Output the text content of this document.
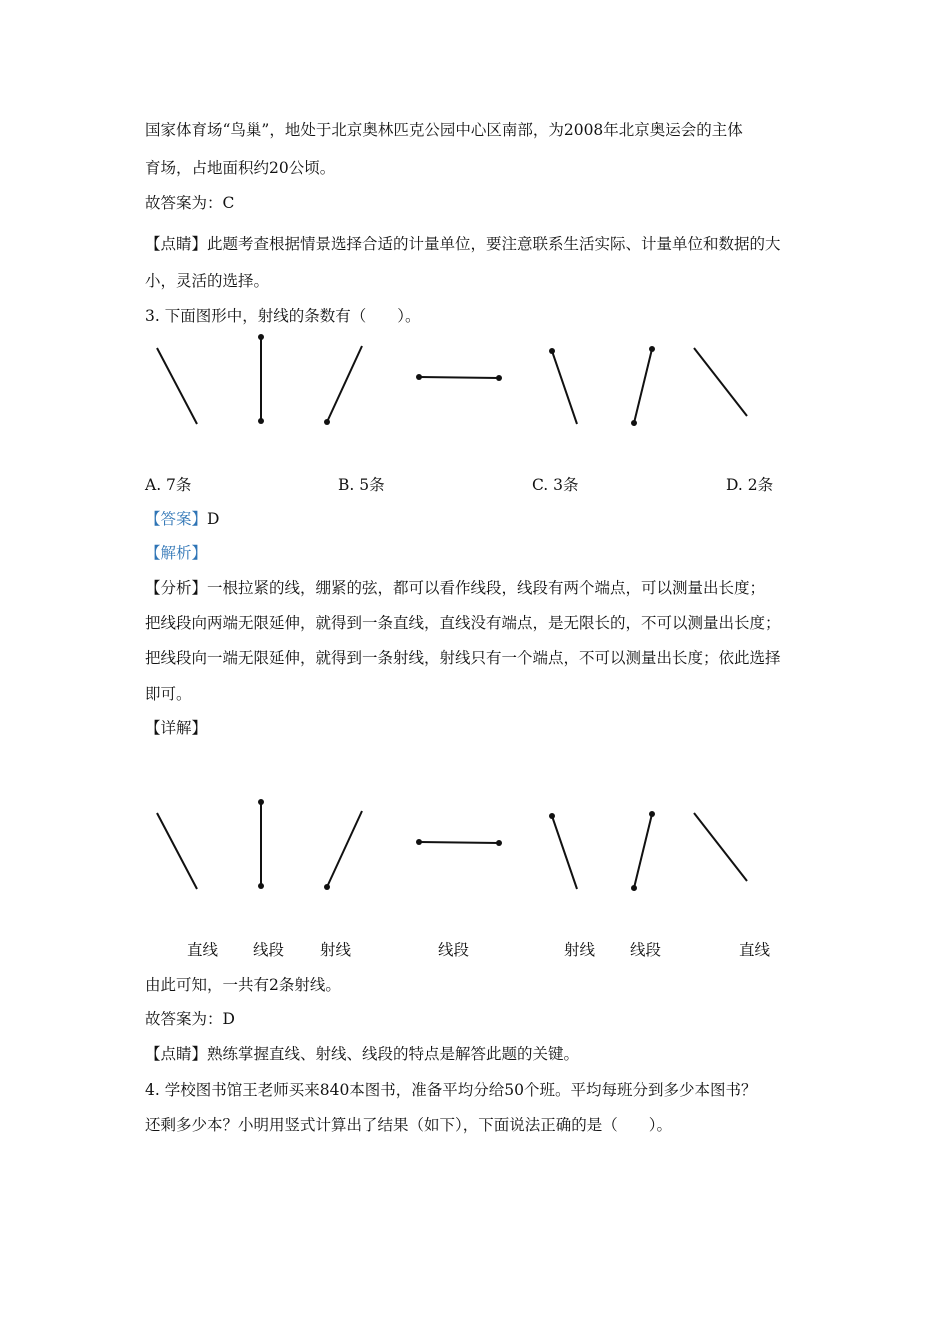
国家体育场“鸟巢”，地处于北京奥林匹克公园中心区南部，为2008年北京奥运会的主体
育场，占地面积约20公顷。
故答案为：C
【点睛】此题考查根据情景选择合适的计量单位，要注意联系生活实际、计量单位和数据的大
小，灵活的选择。
3. 下面图形中，射线的条数有（　　）。
A. 7条	B. 5条	C. 3条	D. 2条
【答案】D
【解析】
【分析】一根拉紧的线，绷紧的弦，都可以看作线段，线段有两个端点，可以测量出长度；
把线段向两端无限延伸，就得到一条直线，直线没有端点，是无限长的，不可以测量出长度；
把线段向一端无限延伸，就得到一条射线，射线只有一个端点，不可以测量出长度；依此选择
即可。
【详解】
直线 线段 射线	线段	射线 线段	直线
由此可知，一共有2条射线。
故答案为：D
【点睛】熟练掌握直线、射线、线段的特点是解答此题的关键。
4. 学校图书馆王老师买来840本图书，准备平均分给50个班。平均每班分到多少本图书？
还剩多少本？小明用竖式计算出了结果（如下），下面说法正确的是（　　）。
